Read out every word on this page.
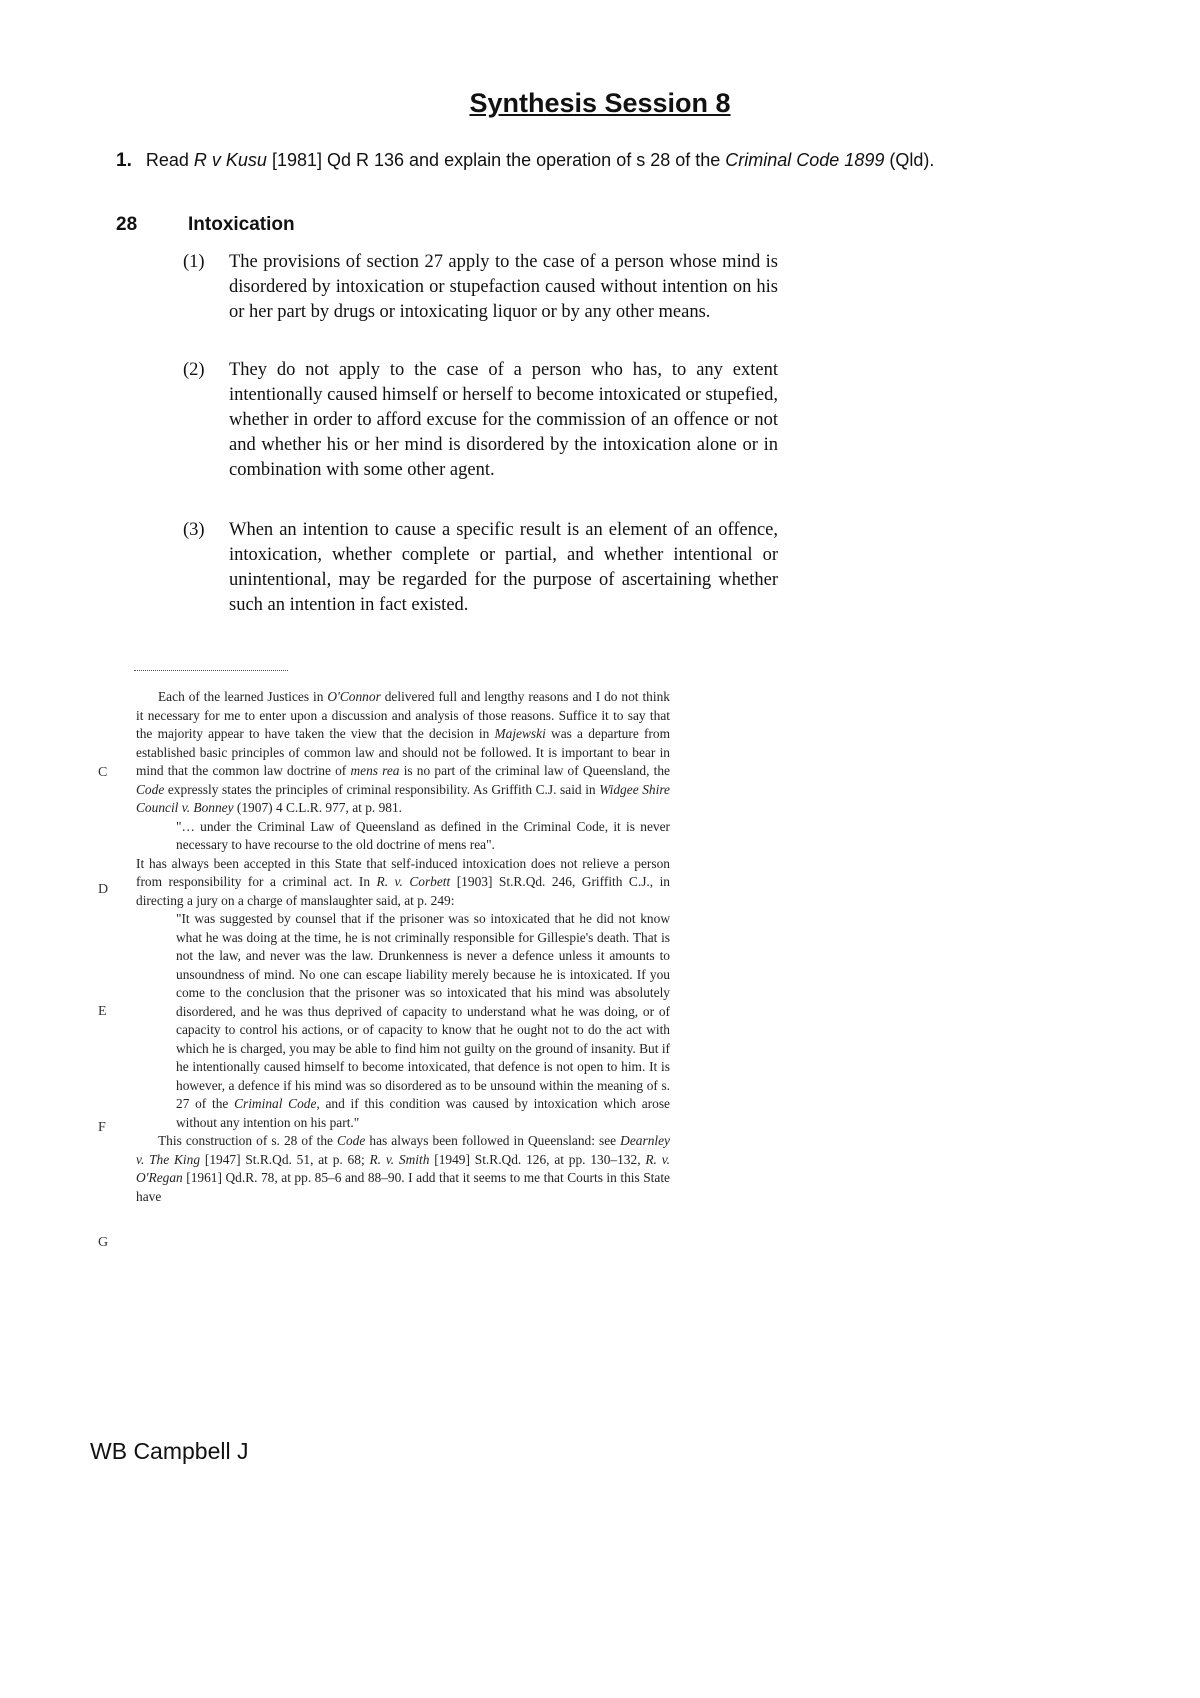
Synthesis Session 8
1. Read R v Kusu [1981] Qd R 136 and explain the operation of s 28 of the Criminal Code 1899 (Qld).
28	Intoxication
(1) The provisions of section 27 apply to the case of a person whose mind is disordered by intoxication or stupefaction caused without intention on his or her part by drugs or intoxicating liquor or by any other means.
(2) They do not apply to the case of a person who has, to any extent intentionally caused himself or herself to become intoxicated or stupefied, whether in order to afford excuse for the commission of an offence or not and whether his or her mind is disordered by the intoxication alone or in combination with some other agent.
(3) When an intention to cause a specific result is an element of an offence, intoxication, whether complete or partial, and whether intentional or unintentional, may be regarded for the purpose of ascertaining whether such an intention in fact existed.
C
D
E
F
G

Each of the learned Justices in O'Connor delivered full and lengthy reasons and I do not think it necessary for me to enter upon a discussion and analysis of those reasons. Suffice it to say that the majority appear to have taken the view that the decision in Majewski was a departure from established basic principles of common law and should not be followed. It is important to bear in mind that the common law doctrine of mens rea is no part of the criminal law of Queensland, the Code expressly states the principles of criminal responsibility. As Griffith C.J. said in Widgee Shire Council v. Bonney (1907) 4 C.L.R. 977, at p. 981.

"… under the Criminal Law of Queensland as defined in the Criminal Code, it is never necessary to have recourse to the old doctrine of mens rea".

It has always been accepted in this State that self-induced intoxication does not relieve a person from responsibility for a criminal act. In R. v. Corbett [1903] St.R.Qd. 246, Griffith C.J., in directing a jury on a charge of manslaughter said, at p. 249:

"It was suggested by counsel that if the prisoner was so intoxicated that he did not know what he was doing at the time, he is not criminally responsible for Gillespie's death. That is not the law, and never was the law. Drunkenness is never a defence unless it amounts to unsoundness of mind. No one can escape liability merely because he is intoxicated. If you come to the conclusion that the prisoner was so intoxicated that his mind was absolutely disordered, and he was thus deprived of capacity to understand what he was doing, or of capacity to control his actions, or of capacity to know that he ought not to do the act with which he is charged, you may be able to find him not guilty on the ground of insanity. But if he intentionally caused himself to become intoxicated, that defence is not open to him. It is however, a defence if his mind was so disordered as to be unsound within the meaning of s. 27 of the Criminal Code, and if this condition was caused by intoxication which arose without any intention on his part."

This construction of s. 28 of the Code has always been followed in Queensland: see Dearnley v. The King [1947] St.R.Qd. 51, at p. 68; R. v. Smith [1949] St.R.Qd. 126, at pp. 130–132, R. v. O'Regan [1961] Qd.R. 78, at pp. 85–6 and 88–90. I add that it seems to me that Courts in this State have

WB Campbell J
